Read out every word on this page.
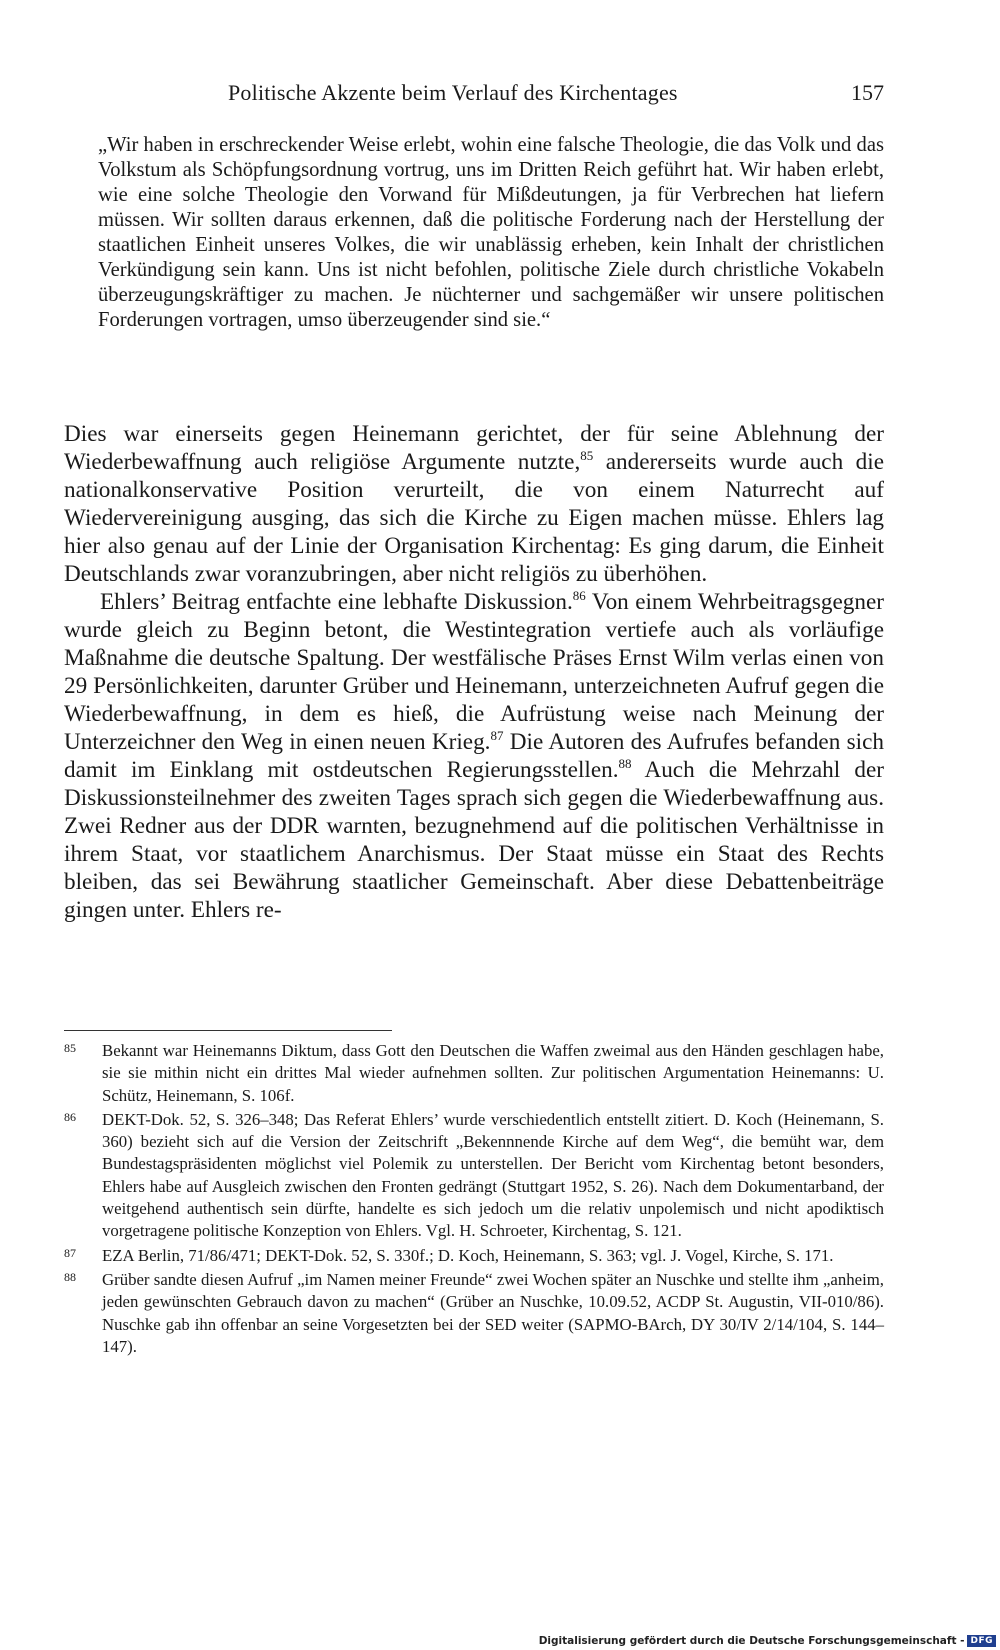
Politische Akzente beim Verlauf des Kirchentages	157

„Wir haben in erschreckender Weise erlebt, wohin eine falsche Theologie, die das Volk und das Volkstum als Schöpfungsordnung vortrug, uns im Dritten Reich geführt hat. Wir haben erlebt, wie eine solche Theologie den Vorwand für Mißdeutungen, ja für Verbrechen hat liefern müssen. Wir sollten daraus erkennen, daß die politische Forderung nach der Herstellung der staatlichen Einheit unseres Volkes, die wir unablässig erheben, kein Inhalt der christlichen Verkündigung sein kann. Uns ist nicht befohlen, politische Ziele durch christliche Vokabeln überzeugungskräftiger zu machen. Je nüchterner und sachgemäßer wir unsere politischen Forderungen vortragen, umso überzeugender sind sie.“

Dies war einerseits gegen Heinemann gerichtet, der für seine Ablehnung der Wiederbewaffnung auch religiöse Argumente nutzte,$^{85}$ andererseits wurde auch die nationalkonservative Position verurteilt, die von einem Naturrecht auf Wiedervereinigung ausging, das sich die Kirche zu Eigen machen müsse. Ehlers lag hier also genau auf der Linie der Organisation Kirchentag: Es ging darum, die Einheit Deutschlands zwar voranzubringen, aber nicht religiös zu überhöhen.

Ehlers’ Beitrag entfachte eine lebhafte Diskussion.$^{86}$ Von einem Wehrbeitragsgegner wurde gleich zu Beginn betont, die Westintegration vertiefe auch als vorläufige Maßnahme die deutsche Spaltung. Der westfälische Präses Ernst Wilm verlas einen von 29 Persönlichkeiten, darunter Grüber und Heinemann, unterzeichneten Aufruf gegen die Wiederbewaffnung, in dem es hieß, die Aufrüstung weise nach Meinung der Unterzeichner den Weg in einen neuen Krieg.$^{87}$ Die Autoren des Aufrufes befanden sich damit im Einklang mit ostdeutschen Regierungsstellen.$^{88}$ Auch die Mehrzahl der Diskussionsteilnehmer des zweiten Tages sprach sich gegen die Wiederbewaffnung aus. Zwei Redner aus der DDR warnten, bezugnehmend auf die politischen Verhältnisse in ihrem Staat, vor staatlichem Anarchismus. Der Staat müsse ein Staat des Rechts bleiben, das sei Bewährung staatlicher Gemeinschaft. Aber diese Debattenbeiträge gingen unter. Ehlers re-

85 Bekannt war Heinemanns Diktum, dass Gott den Deutschen die Waffen zweimal aus den Händen geschlagen habe, sie sie mithin nicht ein drittes Mal wieder aufnehmen sollten. Zur politischen Argumentation Heinemanns: U. Schütz, Heinemann, S. 106f.
86 DEKT-Dok. 52, S. 326–348; Das Referat Ehlers’ wurde verschiedentlich entstellt zitiert. D. Koch (Heinemann, S. 360) bezieht sich auf die Version der Zeitschrift „Bekennnende Kirche auf dem Weg“, die bemüht war, dem Bundestagspräsidenten möglichst viel Polemik zu unterstellen. Der Bericht vom Kirchentag betont besonders, Ehlers habe auf Ausgleich zwischen den Fronten gedrängt (Stuttgart 1952, S. 26). Nach dem Dokumentarband, der weitgehend authentisch sein dürfte, handelte es sich jedoch um die relativ unpolemisch und nicht apodiktisch vorgetragene politische Konzeption von Ehlers. Vgl. H. Schroeter, Kirchentag, S. 121.
87 EZA Berlin, 71/86/471; DEKT-Dok. 52, S. 330f.; D. Koch, Heinemann, S. 363; vgl. J. Vogel, Kirche, S. 171.
88 Grüber sandte diesen Aufruf „im Namen meiner Freunde“ zwei Wochen später an Nuschke und stellte ihm „anheim, jeden gewünschten Gebrauch davon zu machen“ (Grüber an Nuschke, 10.09.52, ACDP St. Augustin, VII-010/86). Nuschke gab ihn offenbar an seine Vorgesetzten bei der SED weiter (SAPMO-BArch, DY 30/IV 2/14/104, S. 144–147).
Digitalisierung gefördert durch die Deutsche Forschungsgemeinschaft - DFG
